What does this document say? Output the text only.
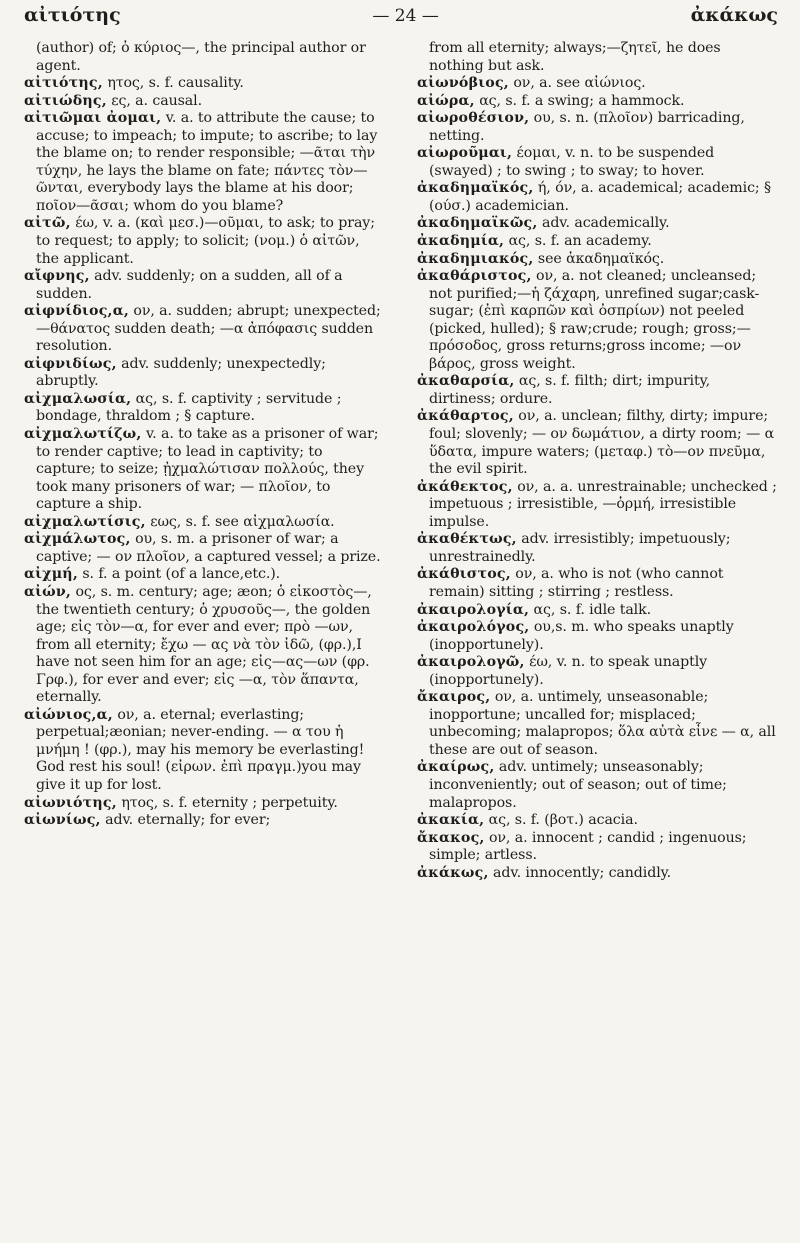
αἰτιότης	— 24 —	ἀκάκως

(author) of; ὁ κύριος—, the principal author or agent.

αἰτιότης, ητος, s. f. causality.

αἰτιώδης, ες, a. causal.

αἰτιῶμαι ἀομαι, v. a. to attribute the cause; to accuse; to impeach; to impute; to ascribe; to lay the blame on; to render responsible; —ᾶται τὴν τύχην, he lays the blame on fate; πάντες τὸν—ῶνται, everybody lays the blame at his door; ποῖον—ᾶσαι; whom do you blame?

αἰτῶ, έω, v. a. (καὶ μεσ.)—οῦμαι, to ask; to pray; to request; to apply; to solicit; (νομ.) ὁ αἰτῶν, the applicant.

αἴφνης, adv. suddenly; on a sudden, all of a sudden.

αἰφνίδιος,α, ον, a. sudden; abrupt; unexpected; —θάνατος sudden death; —α ἀπόφασις sudden resolution.

αἰφνιδίως, adv. suddenly; unexpectedly; abruptly.

αἰχμαλωσία, ας, s. f. captivity ; servitude ; bondage, thraldom ; § capture.

αἰχμαλωτίζω, v. a. to take as a prisoner of war; to render captive; to lead in captivity; to capture; to seize; ᾐχμαλώτισαν πολλούς, they took many prisoners of war; — πλοῖον, to capture a ship.

αἰχμαλωτίσις, εως, s. f. see αἰχμαλωσία.

αἰχμάλωτος, ου, s. m. a prisoner of war; a captive; — ον πλοῖον, a captured vessel; a prize.

αἰχμή, s. f. a point (of a lance,etc.).

αἰών, ος, s. m. century; age; æon; ὁ εἰκοστὸς—, the twentieth century; ὁ χρυσοῦς—, the golden age; εἰς τὸν—α, for ever and ever; πρὸ —ων, from all eternity; ἔχω — ας νὰ τὸν ἰδῶ, (φρ.),I have not seen him for an age; εἰς—ας—ων (φρ. Γρφ.), for ever and ever; εἰς —α, τὸν ἅπαντα, eternally.

αἰώνιος,α, ον, a. eternal; everlasting; perpetual;æonian; never-ending. — α του ἡ μνήμη ! (φρ.), may his memory be everlasting! God rest his soul! (εἰρων. ἐπὶ πραγμ.)you may give it up for lost.

αἰωνιότης, ητος, s. f. eternity ; perpetuity.

αἰωνίως, adv. eternally; for ever;

from all eternity; always;—ζητεῖ, he does nothing but ask.

αἰωνόβιος, ον, a. see αἰώνιος.

αἰώρα, ας, s. f. a swing; a hammock.

αἰωροθέσιον, ου, s. n. (πλοῖον) barricading, netting.

αἰωροῦμαι, έομαι, v. n. to be suspended (swayed) ; to swing ; to sway; to hover.

ἀκαδημαϊκός, ή, όν, a. academical; academic; § (ούσ.) academician.

ἀκαδημαϊκῶς, adv. academically.

ἀκαδημία, ας, s. f. an academy.

ἀκαδημιακός, see ἀκαδημαϊκός.

ἀκαθάριστος, ον, a. not cleaned; uncleansed; not purified;—ἡ ζάχαρη, unrefined sugar;cask-sugar; (ἐπὶ καρπῶν καὶ ὀσπρίων) not peeled (picked, hulled); § raw;crude; rough; gross;—πρόσοδος, gross returns;gross income; —ον βάρος, gross weight.

ἀκαθαρσία, ας, s. f. filth; dirt; impurity, dirtiness; ordure.

ἀκάθαρτος, ον, a. unclean; filthy, dirty; impure; foul; slovenly; — ον δωμάτιον, a dirty room; — α ὕδατα, impure waters; (μεταφ.) τὸ—ον πνεῦμα, the evil spirit.

ἀκάθεκτος, ον, a. a. unrestrainable; unchecked ; impetuous ; irresistible, —ὁρμή, irresistible impulse.

ἀκαθέκτως, adv. irresistibly; impetuously; unrestrainedly.

ἀκάθιστος, ον, a. who is not (who cannot remain) sitting ; stirring ; restless.

ἀκαιρολογία, ας, s. f. idle talk.

ἀκαιρολόγος, ου,s. m. who speaks unaptly (inopportunely).

ἀκαιρολογῶ, έω, v. n. to speak unaptly (inopportunely).

ἄκαιρος, ον, a. untimely, unseasonable; inopportune; uncalled for; misplaced; unbecoming; malapropos; ὅλα αὐτὰ εἶνε — α, all these are out of season.

ἀκαίρως, adv. untimely; unseasonably; inconveniently; out of season; out of time; malapropos.

ἀκακία, ας, s. f. (βοτ.) acacia.

ἄκακος, ον, a. innocent ; candid ; ingenuous; simple; artless.

ἀκάκως, adv. innocently; candidly.
